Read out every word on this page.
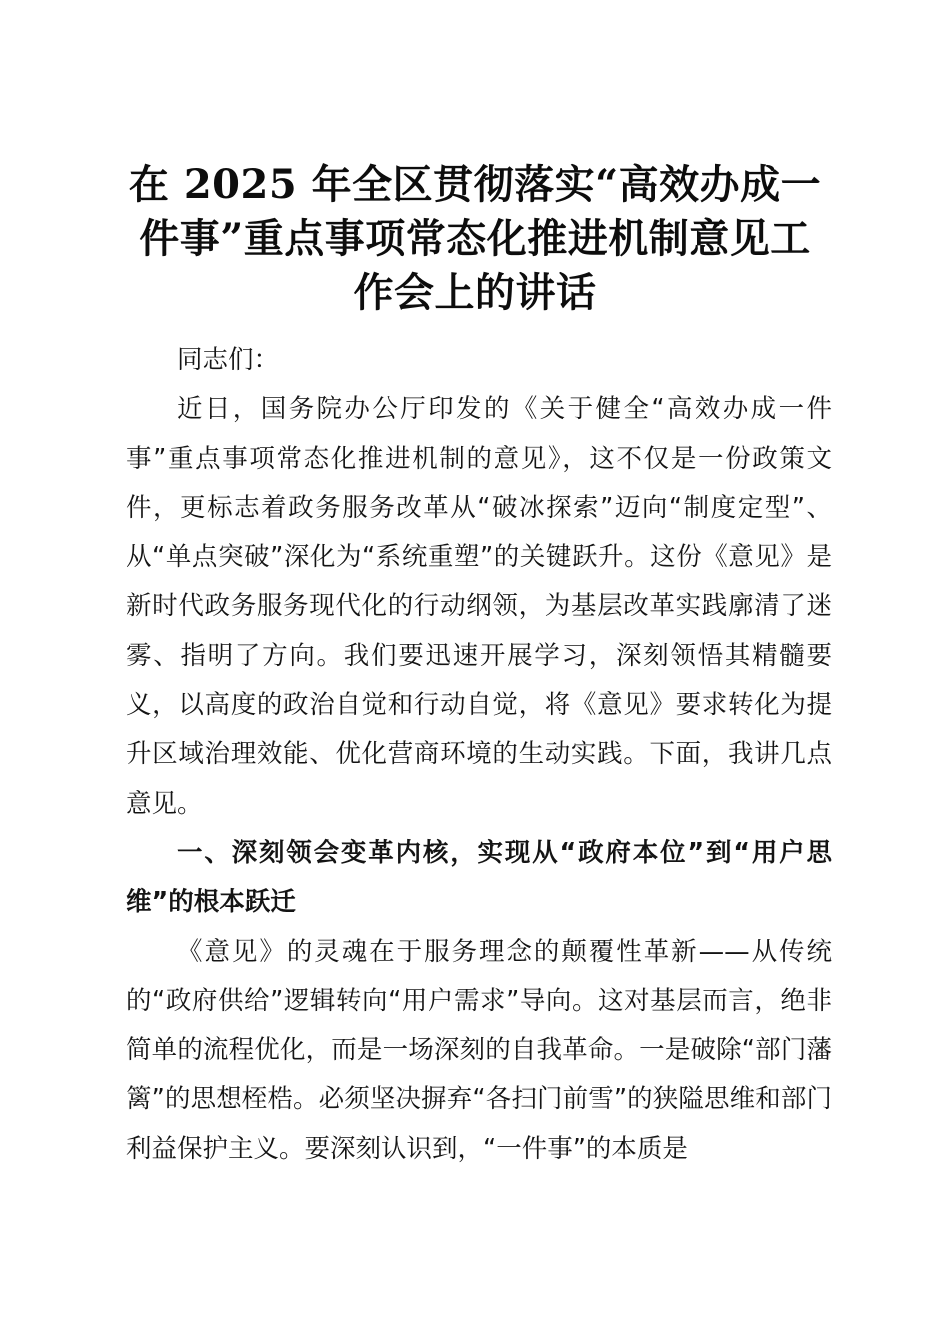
在 2025 年全区贯彻落实“高效办成一件事”重点事项常态化推进机制意见工作会上的讲话

同志们：

近日，国务院办公厅印发的《关于健全“高效办成一件事”重点事项常态化推进机制的意见》，这不仅是一份政策文件，更标志着政务服务改革从“破冰探索”迈向“制度定型”、从“单点突破”深化为“系统重塑”的关键跃升。这份《意见》是新时代政务服务现代化的行动纲领，为基层改革实践廓清了迷雾、指明了方向。我们要迅速开展学习，深刻领悟其精髓要义，以高度的政治自觉和行动自觉，将《意见》要求转化为提升区域治理效能、优化营商环境的生动实践。下面，我讲几点意见。

一、深刻领会变革内核，实现从“政府本位”到“用户思维”的根本跃迁

《意见》的灵魂在于服务理念的颠覆性革新——从传统的“政府供给”逻辑转向“用户需求”导向。这对基层而言，绝非简单的流程优化，而是一场深刻的自我革命。一是破除“部门藩篱”的思想桎梏。必须坚决摒弃“各扫门前雪”的狭隘思维和部门利益保护主义。要深刻认识到，“一件事”的本质是
